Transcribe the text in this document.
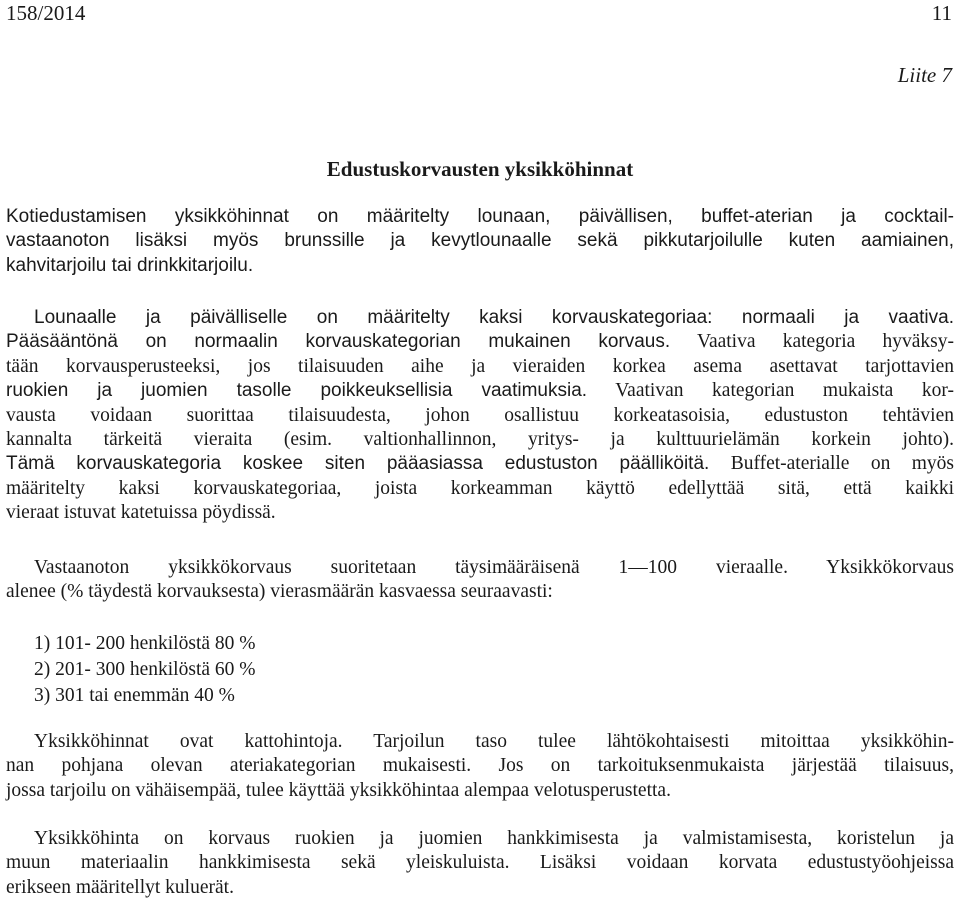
158/2014	11
Liite 7
Edustuskorvausten yksikköhinnat
Kotiedustamisen yksikköhinnat on määritelty lounaan, päivällisen, buffet-aterian ja cocktail-
vastaanoton lisäksi myös brunssille ja kevytlounaalle sekä pikkutarjoilulle kuten aamiainen,
kahvitarjoilu tai drinkkitarjoilu.
Lounaalle ja päivälliselle on määritelty kaksi korvauskategoriaa: normaali ja vaativa.
Pääsääntönä on normaalin korvauskategorian mukainen korvaus. Vaativa kategoria hyväksy-
tään korvausperusteeksi, jos tilaisuuden aihe ja vieraiden korkea asema asettavat tarjottavien
ruokien ja juomien tasolle poikkeuksellisia vaatimuksia. Vaativan kategorian mukaista kor-
vausta voidaan suorittaa tilaisuudesta, johon osallistuu korkeatasoisia, edustuston tehtävien
kannalta tärkeitä vieraita (esim. valtionhallinnon, yritys- ja kulttuurielämän korkein johto).
Tämä korvauskategoria koskee siten pääasiassa edustuston päälliköitä. Buffet-aterialle on myös
määritelty kaksi korvauskategoriaa, joista korkeamman käyttö edellyttää sitä, että kaikki
vieraat istuvat katetuissa pöydissä.
Vastaanoton yksikkökorvaus suoritetaan täysimääräisenä 1—100 vieraalle. Yksikkökorvaus
alenee (% täydestä korvauksesta) vierasmäärän kasvaessa seuraavasti:
1) 101- 200 henkilöstä 80 %
2) 201- 300 henkilöstä 60 %
3) 301 tai enemmän 40 %
Yksikköhinnat ovat kattohintoja. Tarjoilun taso tulee lähtökohtaisesti mitoittaa yksikköhin-
nan pohjana olevan ateriakategorian mukaisesti. Jos on tarkoituksenmukaista järjestää tilaisuus,
jossa tarjoilu on vähäisempää, tulee käyttää yksikköhintaa alempaa velotusperustetta.
Yksikköhinta on korvaus ruokien ja juomien hankkimisesta ja valmistamisesta, koristelun ja
muun materiaalin hankkimisesta sekä yleiskuluista. Lisäksi voidaan korvata edustustyöohjeissa
erikseen määritellyt kuluerät.
